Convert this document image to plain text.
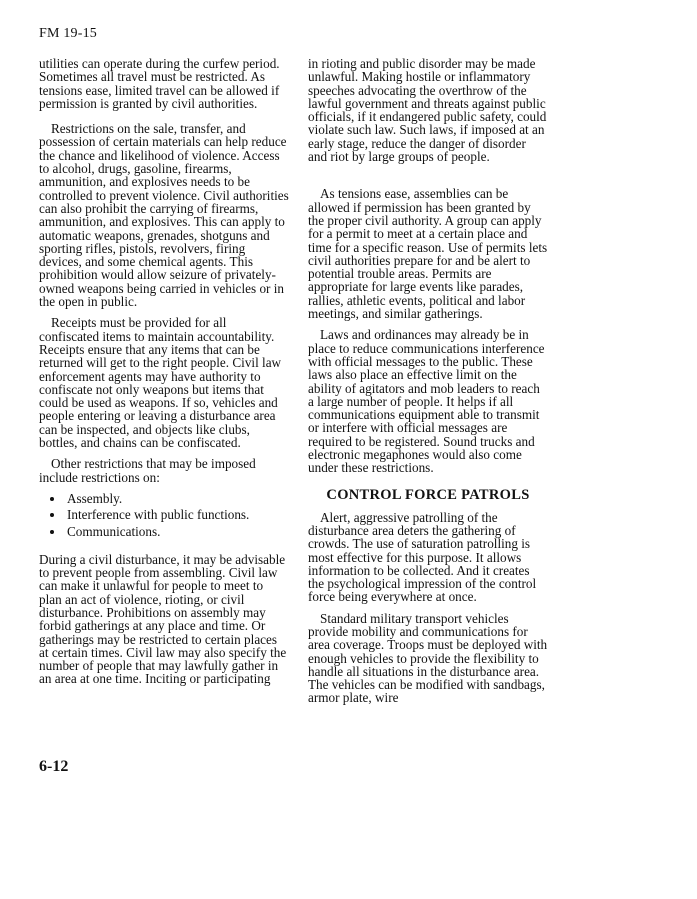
FM 19-15

utilities can operate during the curfew period. Sometimes all travel must be restricted. As tensions ease, limited travel can be allowed if permission is granted by civil authorities.

Restrictions on the sale, transfer, and possession of certain materials can help reduce the chance and likelihood of violence. Access to alcohol, drugs, gasoline, firearms, ammunition, and explosives needs to be controlled to prevent violence. Civil authorities can also prohibit the carrying of firearms, ammunition, and explosives. This can apply to automatic weapons, grenades, shotguns and sporting rifles, pistols, revolvers, firing devices, and some chemical agents. This prohibition would allow seizure of privately-owned weapons being carried in vehicles or in the open in public.

Receipts must be provided for all confiscated items to maintain accountability. Receipts ensure that any items that can be returned will get to the right people. Civil law enforcement agents may have authority to confiscate not only weapons but items that could be used as weapons. If so, vehicles and people entering or leaving a disturbance area can be inspected, and objects like clubs, bottles, and chains can be confiscated.

Other restrictions that may be imposed include restrictions on:

• Assembly.
• Interference with public functions.
• Communications.

During a civil disturbance, it may be advisable to prevent people from assembling. Civil law can make it unlawful for people to meet to plan an act of violence, rioting, or civil disturbance. Prohibitions on assembly may forbid gatherings at any place and time. Or gatherings may be restricted to certain places at certain times. Civil law may also specify the number of people that may lawfully gather in an area at one time. Inciting or participating

in rioting and public disorder may be made unlawful. Making hostile or inflammatory speeches advocating the overthrow of the lawful government and threats against public officials, if it endangered public safety, could violate such law. Such laws, if imposed at an early stage, reduce the danger of disorder and riot by large groups of people.

As tensions ease, assemblies can be allowed if permission has been granted by the proper civil authority. A group can apply for a permit to meet at a certain place and time for a specific reason. Use of permits lets civil authorities prepare for and be alert to potential trouble areas. Permits are appropriate for large events like parades, rallies, athletic events, political and labor meetings, and similar gatherings.

Laws and ordinances may already be in place to reduce communications interference with official messages to the public. These laws also place an effective limit on the ability of agitators and mob leaders to reach a large number of people. It helps if all communications equipment able to transmit or interfere with official messages are required to be registered. Sound trucks and electronic megaphones would also come under these restrictions.

CONTROL FORCE PATROLS

Alert, aggressive patrolling of the disturbance area deters the gathering of crowds. The use of saturation patrolling is most effective for this purpose. It allows information to be collected. And it creates the psychological impression of the control force being everywhere at once.

Standard military transport vehicles provide mobility and communications for area coverage. Troops must be deployed with enough vehicles to provide the flexibility to handle all situations in the disturbance area. The vehicles can be modified with sandbags, armor plate, wire

6-12
